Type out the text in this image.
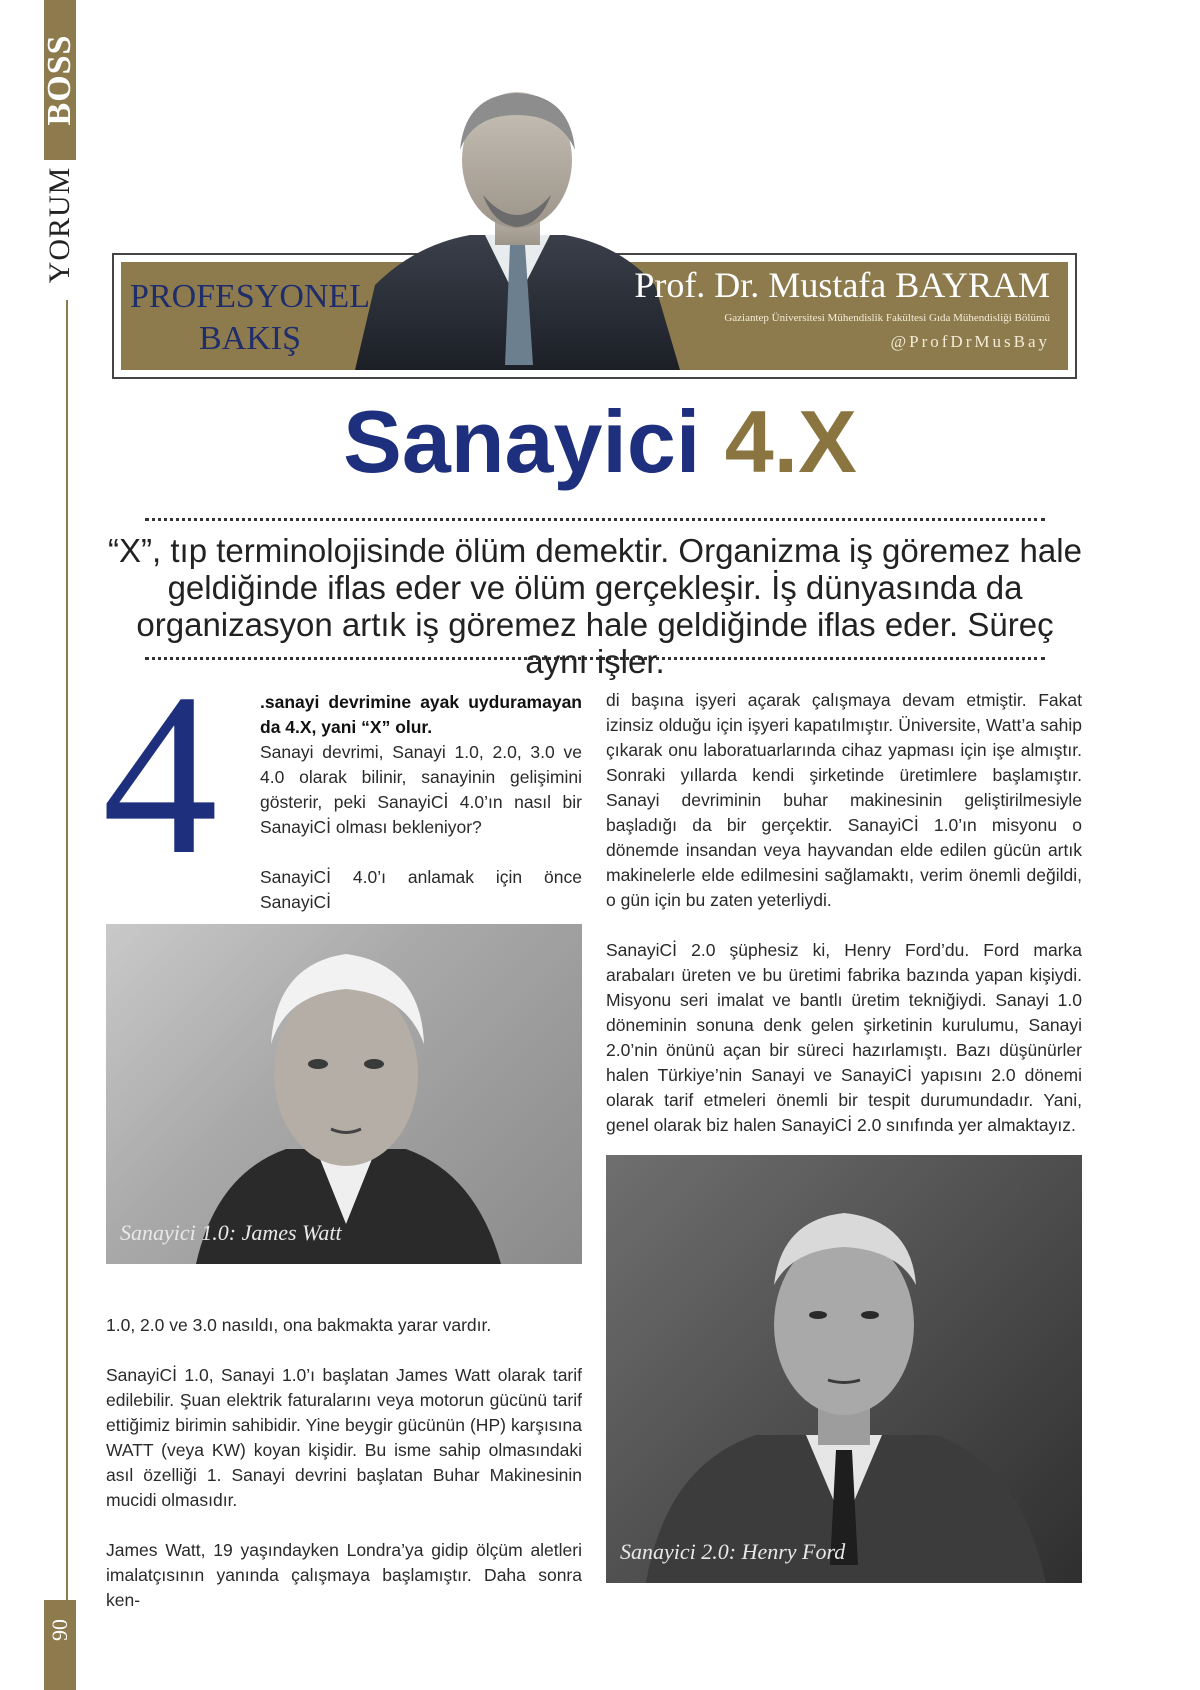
BOSS
YORUM
90
PROFESYONEL
BAKIŞ
Prof. Dr. Mustafa BAYRAM
Gaziantep Üniversitesi Mühendislik Fakültesi Gıda Mühendisliği Bölümü
@ProfDrMusBay
Sanayici 4.X
“X”, tıp terminolojisinde ölüm demektir. Organizma iş göremez hale geldiğinde iflas eder ve ölüm gerçekleşir. İş dünyasında da organizasyon artık iş göremez hale geldiğinde iflas eder. Süreç aynı işler.
4 .sanayi devrimine ayak uyduramayan da 4.X, yani “X” olur.

Sanayi devrimi, Sanayi 1.0, 2.0, 3.0 ve 4.0 olarak bilinir, sanayinin gelişimini gösterir, peki SanayiCİ 4.0’ın nasıl bir SanayiCİ olması bekleniyor?

SanayiCİ 4.0’ı anlamak için önce SanayiCİ

Sanayici 1.0: James Watt

1.0, 2.0 ve 3.0 nasıldı, ona bakmakta yarar vardır.

SanayiCİ 1.0, Sanayi 1.0’ı başlatan James Watt olarak tarif edilebilir. Şuan elektrik faturalarını veya motorun gücünü tarif ettiğimiz birimin sahibidir. Yine beygir gücünün (HP) karşısına WATT (veya KW) koyan kişidir. Bu isme sahip olmasındaki asıl özelliği 1. Sanayi devrini başlatan Buhar Makinesinin mucidi olmasıdır.

James Watt, 19 yaşındayken Londra’ya gidip ölçüm aletleri imalatçısının yanında çalışmaya başlamıştır. Daha sonra ken-

di başına işyeri açarak çalışmaya devam etmiştir. Fakat izinsiz olduğu için işyeri kapatılmıştır. Üniversite, Watt’a sahip çıkarak onu laboratuarlarında cihaz yapması için işe almıştır. Sonraki yıllarda kendi şirketinde üretimlere başlamıştır. Sanayi devriminin buhar makinesinin geliştirilmesiyle başladığı da bir gerçektir. SanayiCİ 1.0’ın misyonu o dönemde insandan veya hayvandan elde edilen gücün artık makinelerle elde edilmesini sağlamaktı, verim önemli değildi, o gün için bu zaten yeterliydi.

SanayiCİ 2.0 şüphesiz ki, Henry Ford’du. Ford marka arabaları üreten ve bu üretimi fabrika bazında yapan kişiydi. Misyonu seri imalat ve bantlı üretim tekniğiydi. Sanayi 1.0 döneminin sonuna denk gelen şirketinin kurulumu, Sanayi 2.0’nin önünü açan bir süreci hazırlamıştı. Bazı düşünürler halen Türkiye’nin Sanayi ve SanayiCİ yapısını 2.0 dönemi olarak tarif etmeleri önemli bir tespit durumundadır. Yani, genel olarak biz halen SanayiCİ 2.0 sınıfında yer almaktayız.

Sanayici 2.0: Henry Ford
